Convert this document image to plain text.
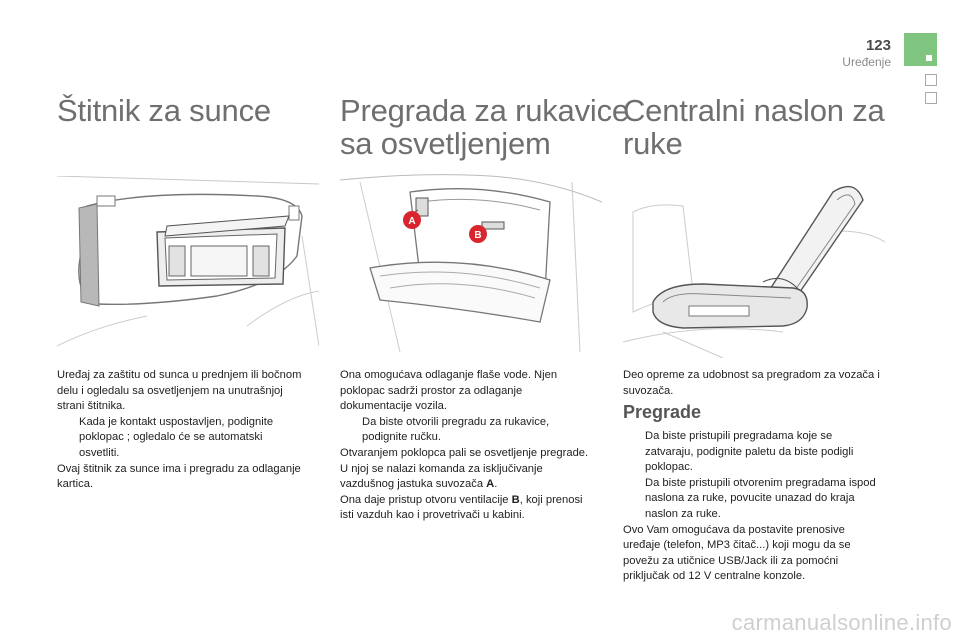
123
Uređenje
Štitnik za sunce

Uređaj za zaštitu od sunca u prednjem ili bočnom delu i ogledalu sa osvetljenjem na unutrašnjoj strani štitnika.

Kada je kontakt uspostavljen, podignite poklopac ; ogledalo će se automatski osvetliti.

Ovaj štitnik za sunce ima i pregradu za odlaganje kartica.

Pregrada za rukavice
sa osvetljenjem
A
B

Ona omogućava odlaganje flaše vode. Njen poklopac sadrži prostor za odlaganje dokumentacije vozila.

Da biste otvorili pregradu za rukavice, podignite ručku.

Otvaranjem poklopca pali se osvetljenje pregrade.

U njoj se nalazi komanda za isključivanje vazdušnog jastuka suvozača A.

Ona daje pristup otvoru ventilacije B, koji prenosi isti vazduh kao i provetrivači u kabini.

Centralni naslon za
ruke

Deo opreme za udobnost sa pregradom za vozača i suvozača.

Pregrade

Da biste pristupili pregradama koje se zatvaraju, podignite paletu da biste podigli poklopac.

Da biste pristupili otvorenim pregradama ispod naslona za ruke, povucite unazad do kraja naslon za ruke.

Ovo Vam omogućava da postavite prenosive uređaje (telefon, MP3 čitač...) koji mogu da se povežu za utičnice USB/Jack ili za pomoćni priključak od 12 V centralne konzole.

carmanualsonline.info
